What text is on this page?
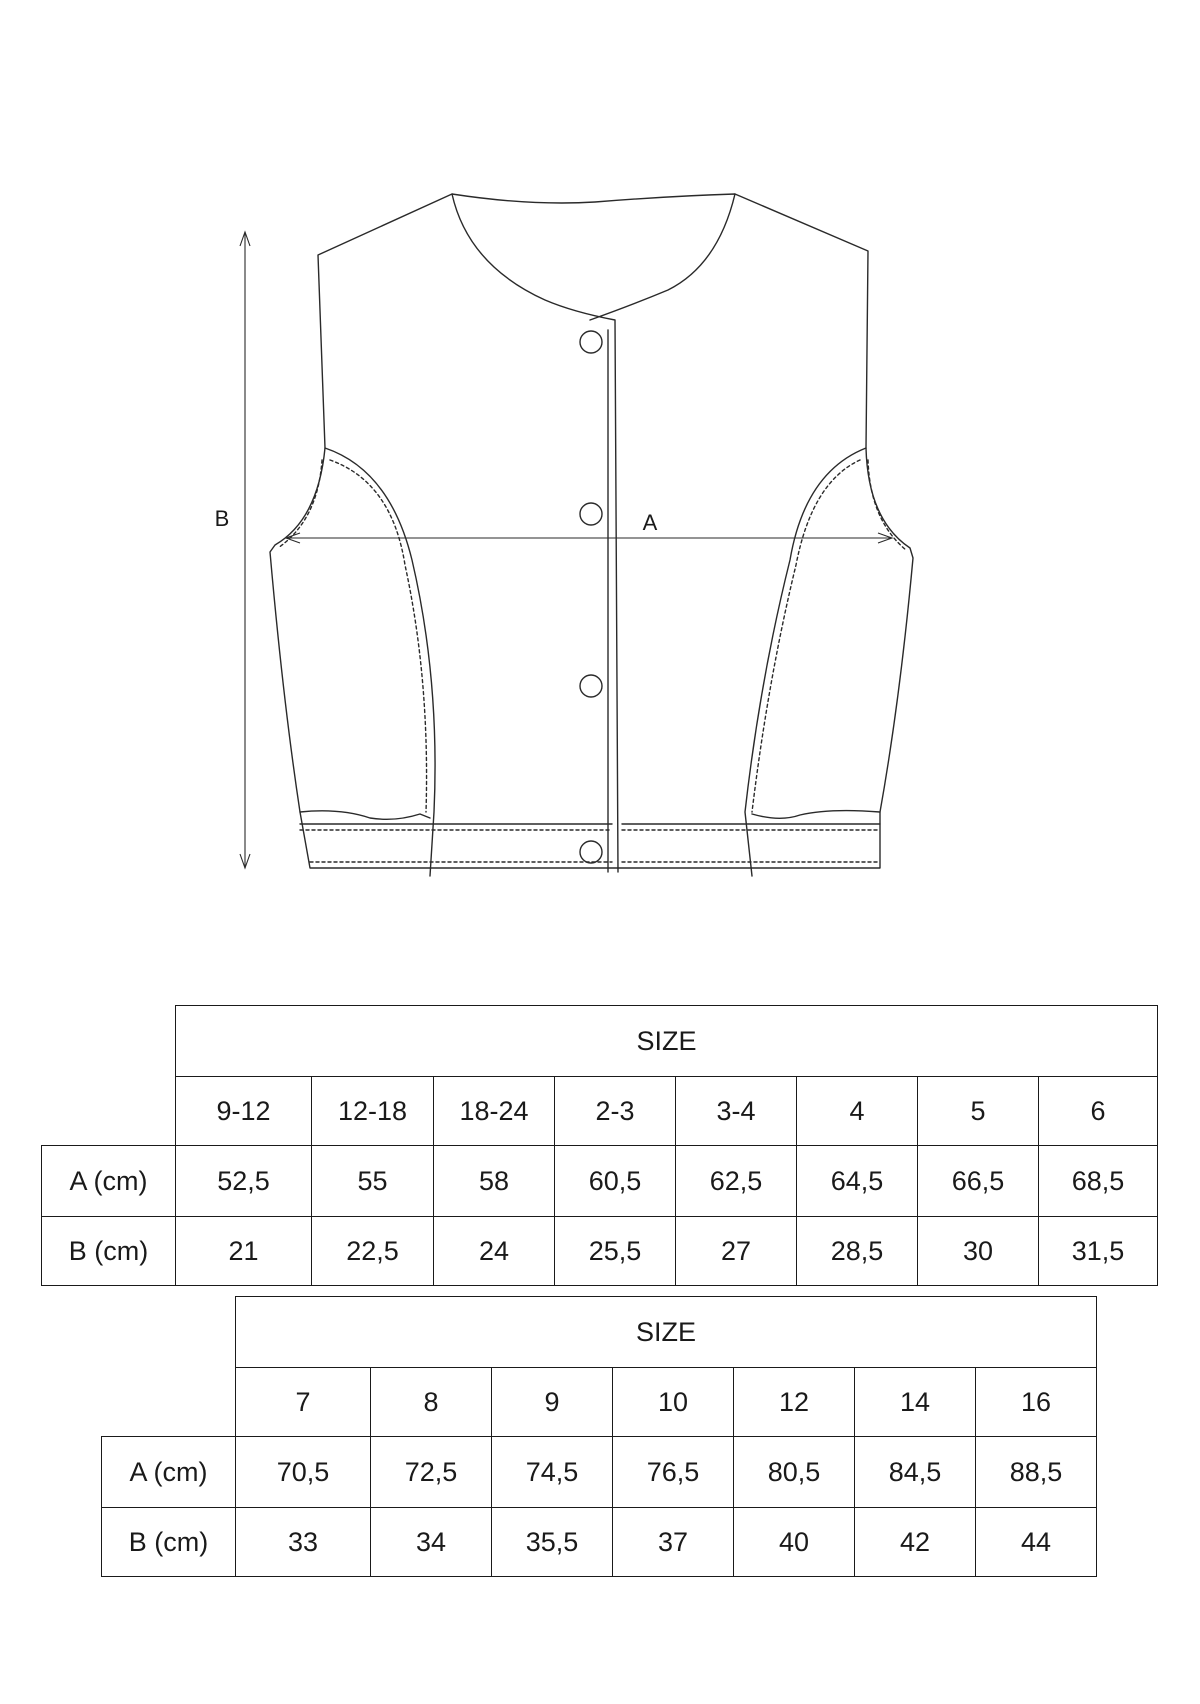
B	A
	SIZE							
	9-12	12-18	18-24	2-3	3-4	4	5	6
A (cm)	52,5	55	58	60,5	62,5	64,5	66,5	68,5
B (cm)	21	22,5	24	25,5	27	28,5	30	31,5
	SIZE						
	7	8	9	10	12	14	16
A (cm)	70,5	72,5	74,5	76,5	80,5	84,5	88,5
B (cm)	33	34	35,5	37	40	42	44
